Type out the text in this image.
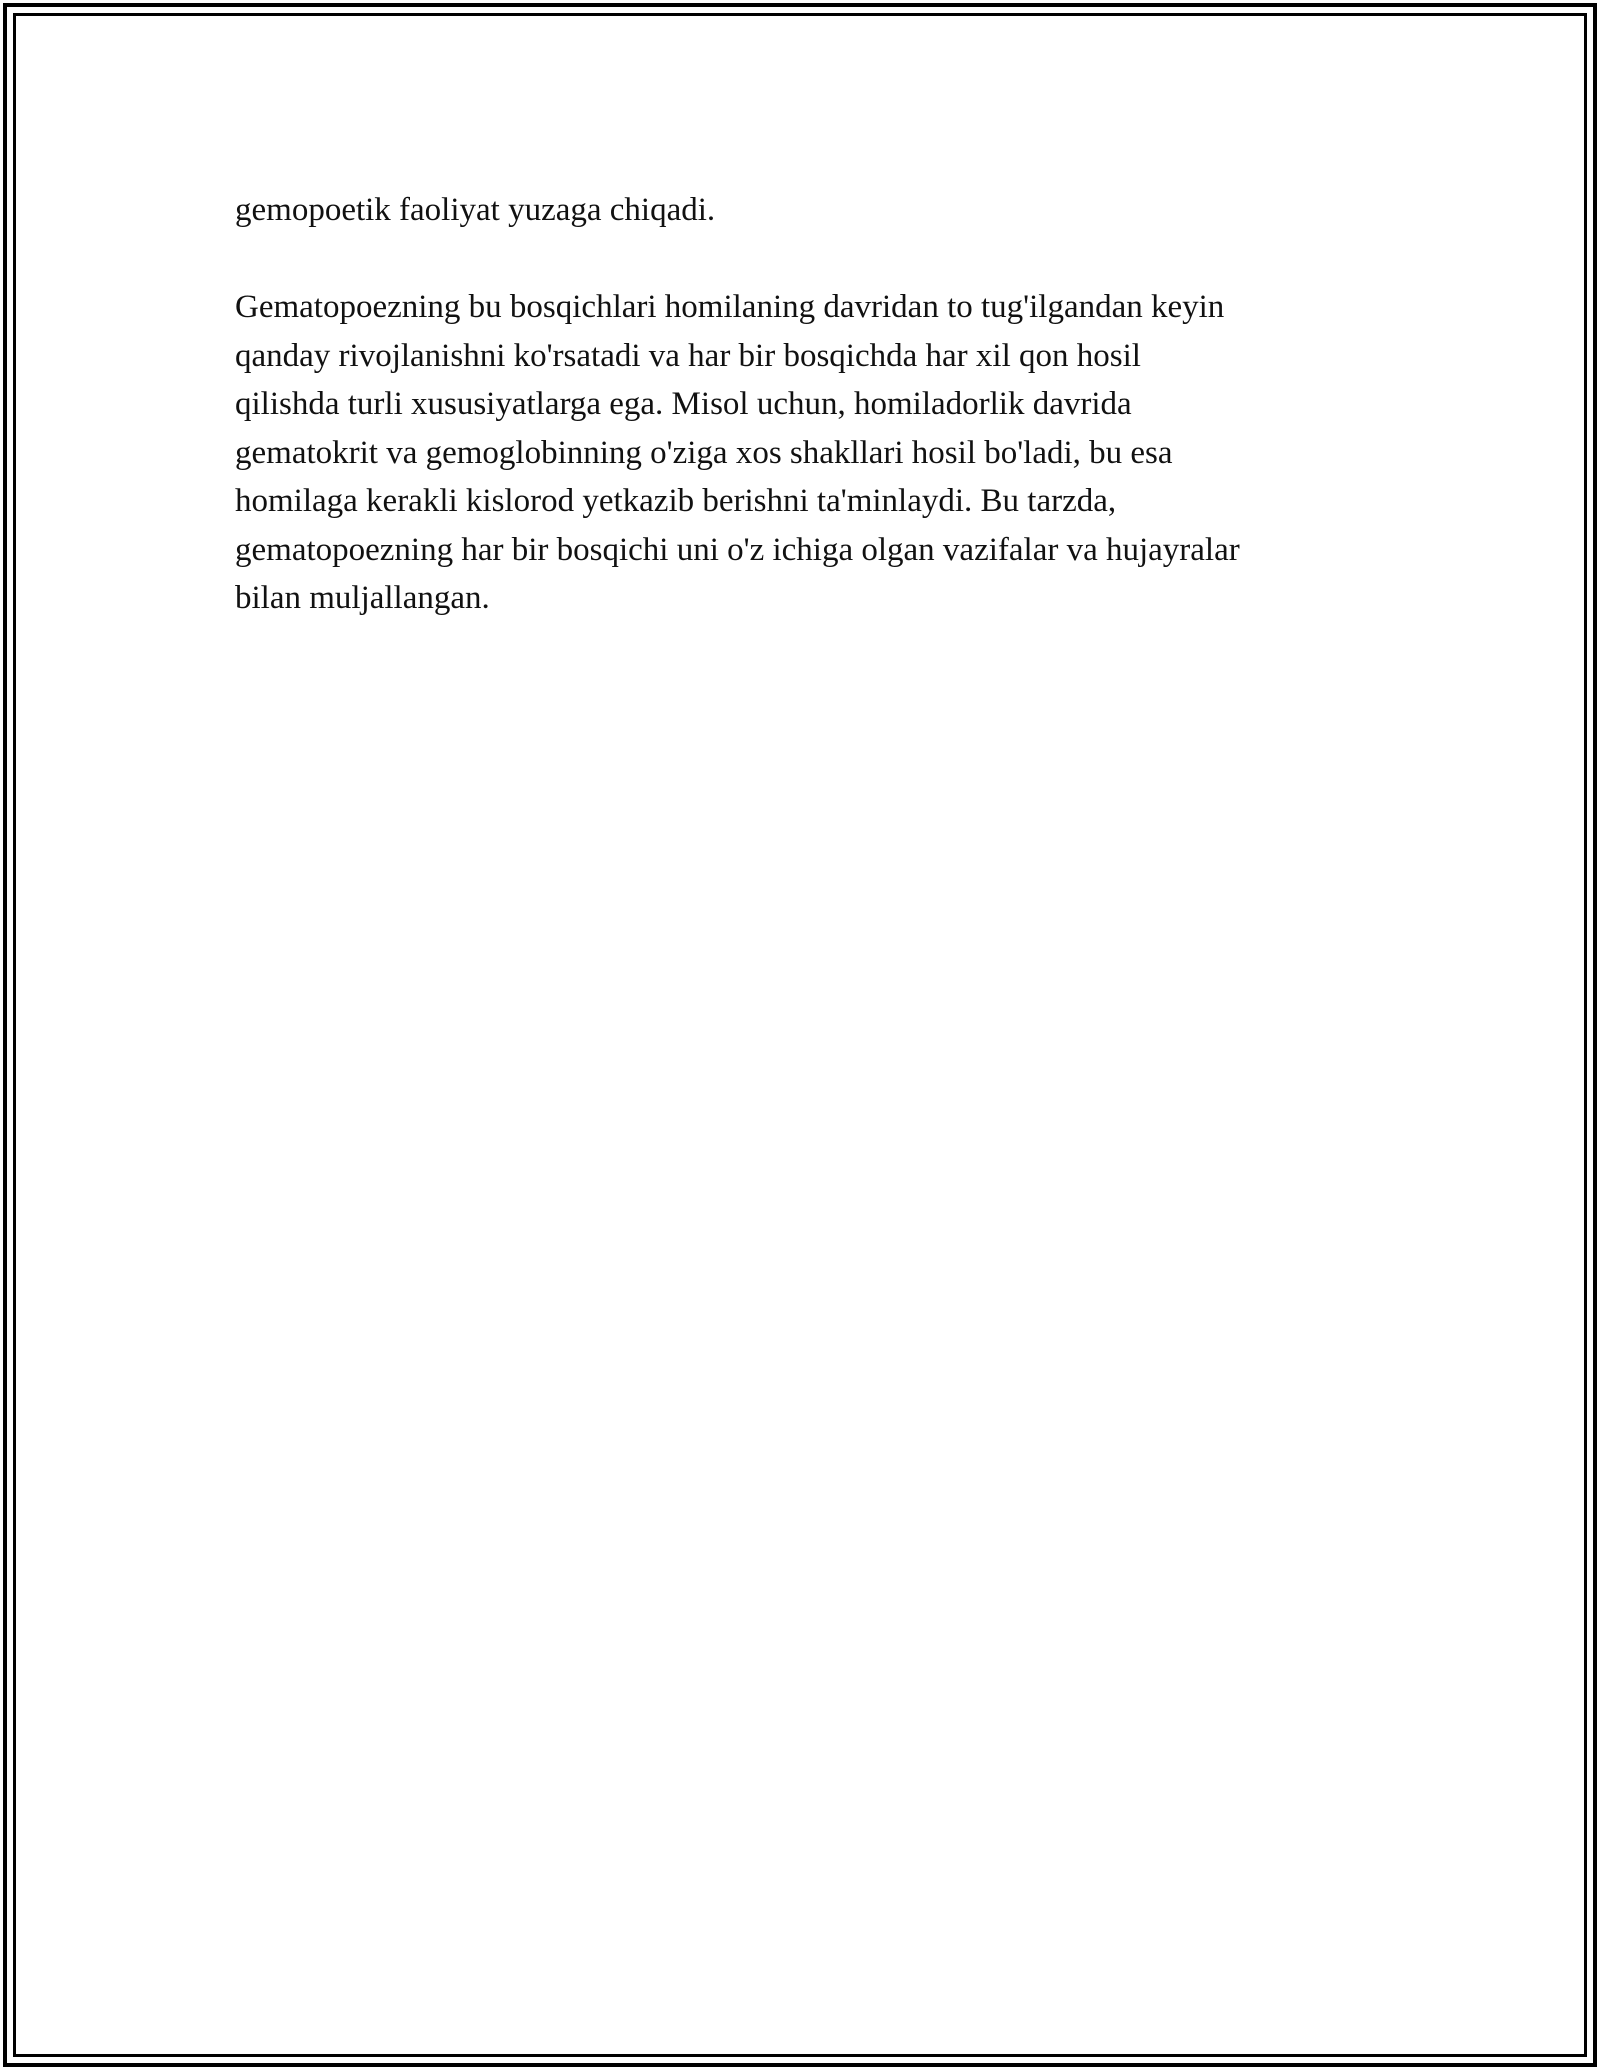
gemopoetik faoliyat yuzaga chiqadi.

Gematopoezning bu bosqichlari homilaning davridan to tug'ilgandan keyin
qanday rivojlanishni ko'rsatadi va har bir bosqichda har xil qon hosil
qilishda turli xususiyatlarga ega. Misol uchun, homiladorlik davrida
gematokrit va gemoglobinning o'ziga xos shakllari hosil bo'ladi, bu esa
homilaga kerakli kislorod yetkazib berishni ta'minlaydi. Bu tarzda,
gematopoezning har bir bosqichi uni o'z ichiga olgan vazifalar va hujayralar
bilan muljallangan.
